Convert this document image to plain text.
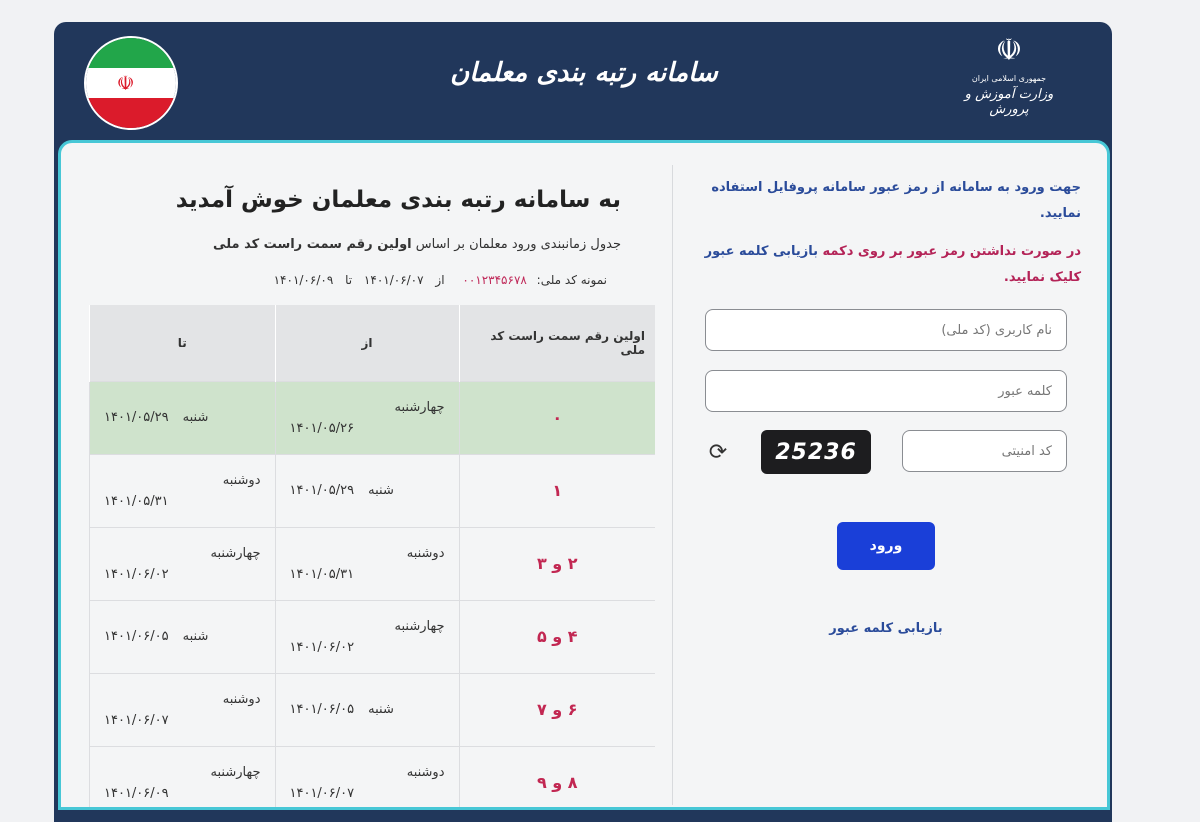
☫	سامانه رتبه بندی معلمان
☫
جمهوری اسلامی ایران
وزارت آموزش و پرورش
به سامانه رتبه بندی معلمان خوش آمدید
جدول زمانبندی ورود معلمان بر اساس اولین رقم سمت راست کد ملی
نمونه کد ملی: ۰۰۱۲۳۴۵۶۷۸ از ۱۴۰۱/۰۶/۰۷ تا ۱۴۰۱/۰۶/۰۹
اولین رقم سمت راست کد ملی	از	تا
۰	چهارشنبه
۱۴۰۱/۰۵/۲۶	شنبه۱۴۰۱/۰۵/۲۹

۱	شنبه۱۴۰۱/۰۵/۲۹	دوشنبه
۱۴۰۱/۰۵/۳۱

۲ و ۳	دوشنبه
۱۴۰۱/۰۵/۳۱	چهارشنبه
۱۴۰۱/۰۶/۰۲

۴ و ۵	چهارشنبه
۱۴۰۱/۰۶/۰۲	شنبه۱۴۰۱/۰۶/۰۵

۶ و ۷	شنبه۱۴۰۱/۰۶/۰۵	دوشنبه
۱۴۰۱/۰۶/۰۷

۸ و ۹	دوشنبه
۱۴۰۱/۰۶/۰۷	چهارشنبه
۱۴۰۱/۰۶/۰۹
جهت ورود به سامانه از رمز عبور سامانه پروفایل استفاده نمایید.
در صورت نداشتن رمز عبور بر روی دکمه بازیابی کلمه عبور کلیک نمایید.
نام کاربری (کد ملی)
کد امنیتی
25236
⟳
ورود
بازیابی کلمه عبور
